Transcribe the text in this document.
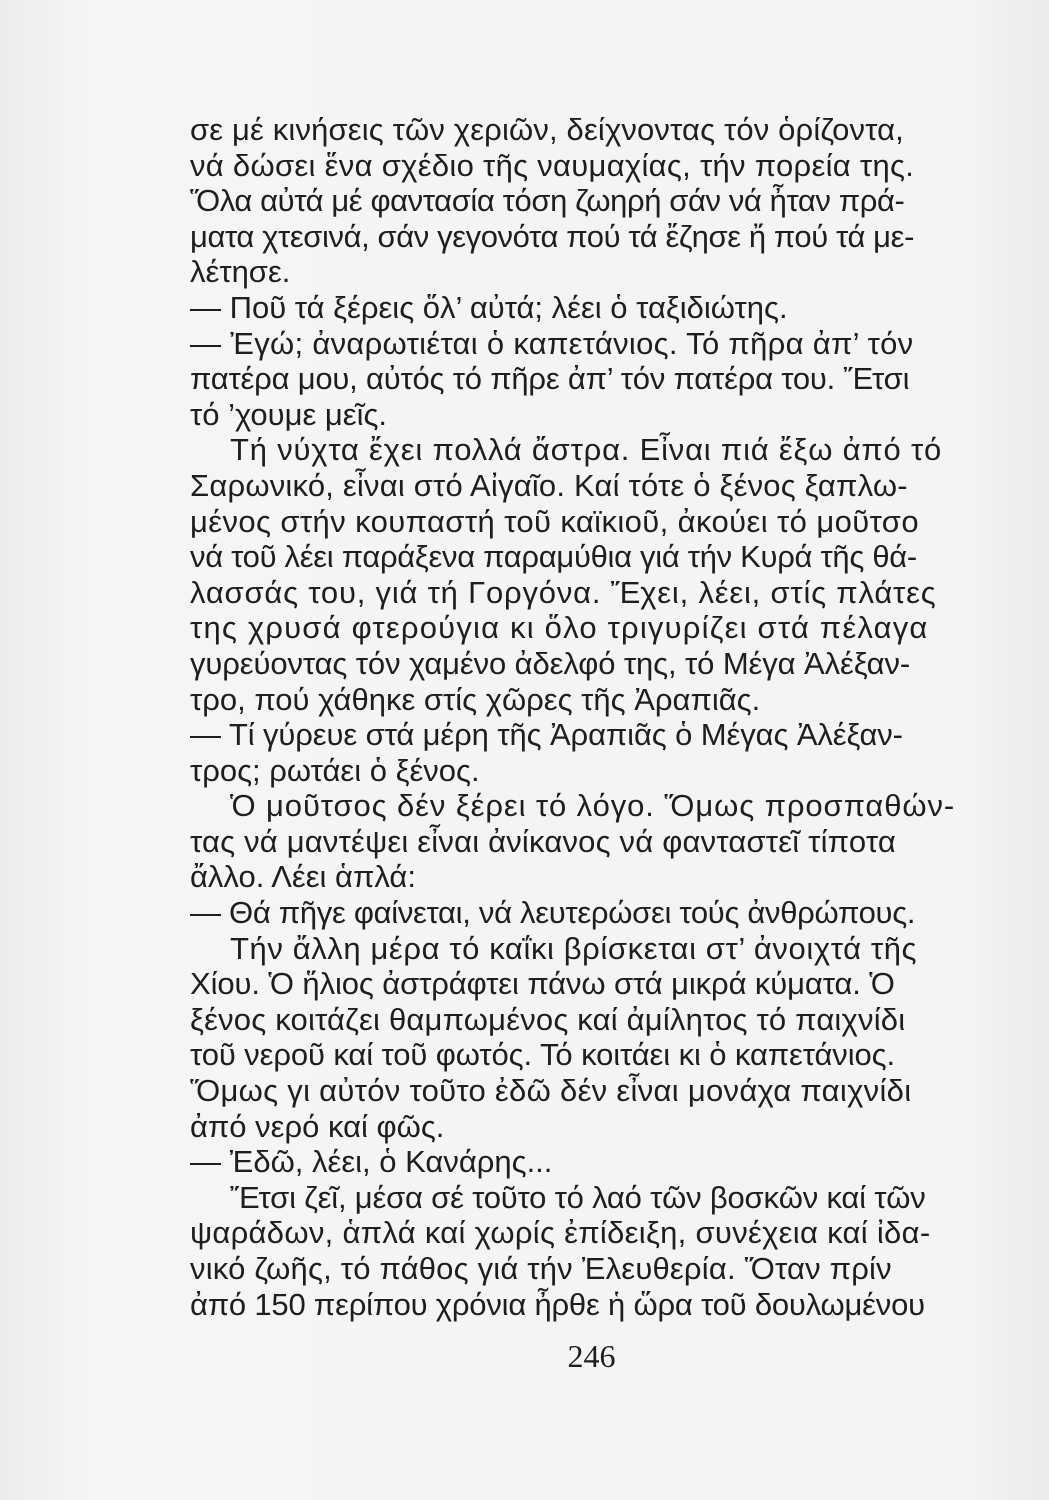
σε μέ κινήσεις τῶν χεριῶν, δείχνοντας τόν ὁρίζοντα,
νά δώσει ἕνα σχέδιο τῆς ναυμαχίας, τήν πορεία της.
Ὅλα αὐτά μέ φαντασία τόση ζωηρή σάν νά ἦταν πρά-
ματα χτεσινά, σάν γεγονότα πού τά ἔζησε ἤ πού τά με-
λέτησε.
— Ποῦ τά ξέρεις ὅλ’ αὐτά; λέει ὁ ταξιδιώτης.
— Ἐγώ; ἀναρωτιέται ὁ καπετάνιος. Τό πῆρα ἀπ’ τόν
πατέρα μου, αὐτός τό πῆρε ἀπ’ τόν πατέρα του. Ἔτσι
τό ’χουμε μεῖς.
Τή νύχτα ἔχει πολλά ἄστρα. Εἶναι πιά ἔξω ἀπό τό
Σαρωνικό, εἶναι στό Αἰγαῖο. Καί τότε ὁ ξένος ξαπλω-
μένος στήν κουπαστή τοῦ καϊκιοῦ, ἀκούει τό μοῦτσο
νά τοῦ λέει παράξενα παραμύθια γιά τήν Κυρά τῆς θά-
λασσάς του, γιά τή Γοργόνα. Ἔχει, λέει, στίς πλάτες
της χρυσά φτερούγια κι ὅλο τριγυρίζει στά πέλαγα
γυρεύοντας τόν χαμένο ἀδελφό της, τό Μέγα Ἀλέξαν-
τρο, πού χάθηκε στίς χῶρες τῆς Ἀραπιᾶς.
— Τί γύρευε στά μέρη τῆς Ἀραπιᾶς ὁ Μέγας Ἀλέξαν-
τρος; ρωτάει ὁ ξένος.
Ὁ μοῦτσος δέν ξέρει τό λόγο. Ὅμως προσπαθών-
τας νά μαντέψει εἶναι ἀνίκανος νά φανταστεῖ τίποτα
ἄλλο. Λέει ἁπλά:
— Θά πῆγε φαίνεται, νά λευτερώσει τούς ἀνθρώπους.
Τήν ἄλλη μέρα τό καΐκι βρίσκεται στ’ ἀνοιχτά τῆς
Χίου. Ὁ ἥλιος ἀστράφτει πάνω στά μικρά κύματα. Ὁ
ξένος κοιτάζει θαμπωμένος καί ἀμίλητος τό παιχνίδι
τοῦ νεροῦ καί τοῦ φωτός. Τό κοιτάει κι ὁ καπετάνιος.
Ὅμως γι αὐτόν τοῦτο ἐδῶ δέν εἶναι μονάχα παιχνίδι
ἀπό νερό καί φῶς.
— Ἐδῶ, λέει, ὁ Κανάρης...
Ἔτσι ζεῖ, μέσα σέ τοῦτο τό λαό τῶν βοσκῶν καί τῶν
ψαράδων, ἁπλά καί χωρίς ἐπίδειξη, συνέχεια καί ἰδα-
νικό ζωῆς, τό πάθος γιά τήν Ἐλευθερία. Ὅταν πρίν
ἀπό 150 περίπου χρόνια ἦρθε ἡ ὥρα τοῦ δουλωμένου
246
